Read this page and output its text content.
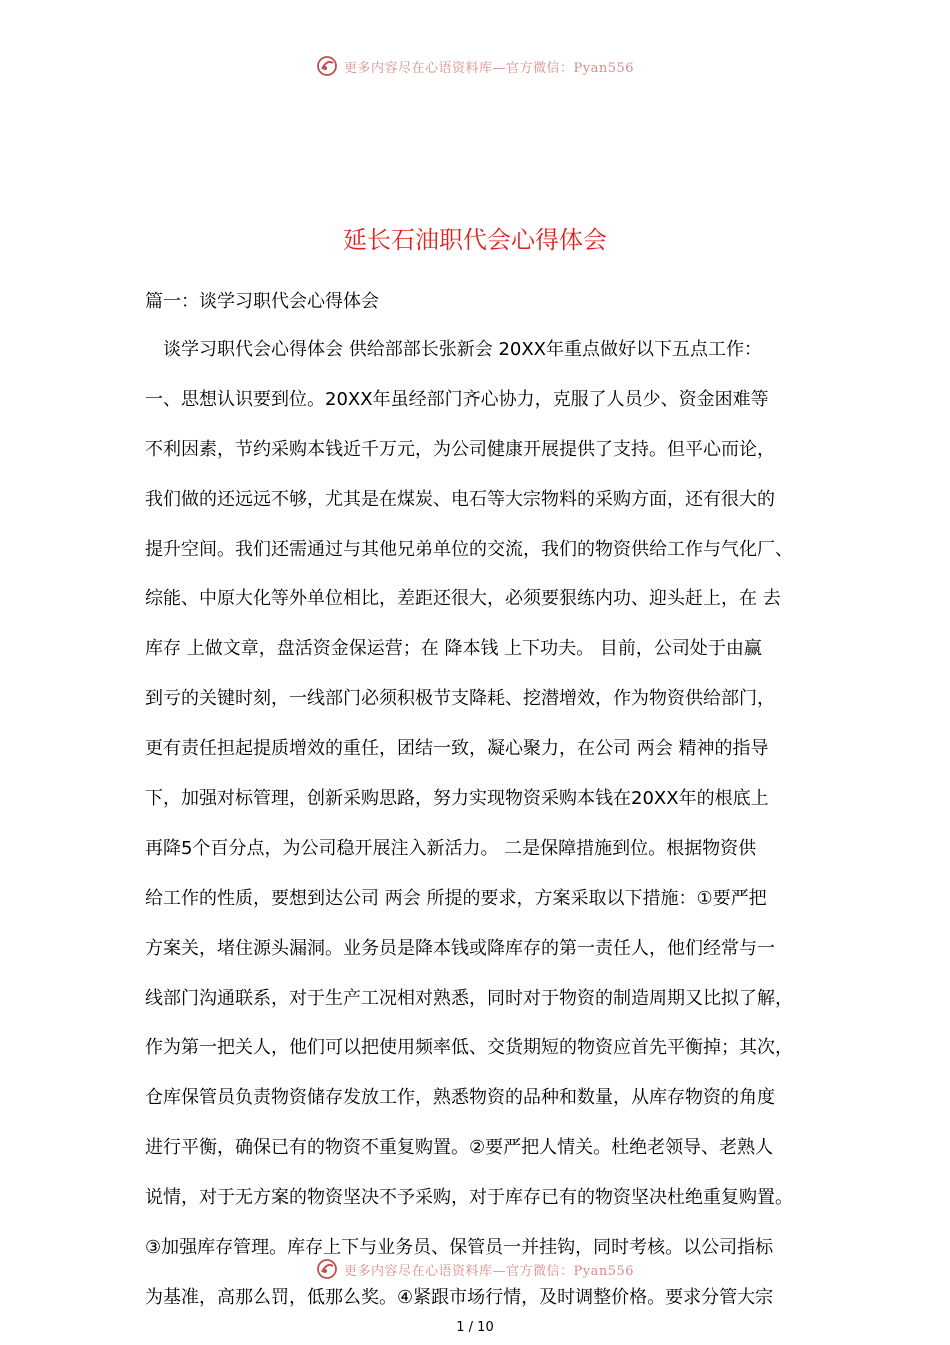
更多内容尽在心语资料库—官方微信：Pyan556
延长石油职代会心得体会

篇一：谈学习职代会心得体会

　谈学习职代会心得体会 供给部部长张新会 20XX年重点做好以下五点工作：
一、思想认识要到位。20XX年虽经部门齐心协力，克服了人员少、资金困难等
不利因素，节约采购本钱近千万元，为公司健康开展提供了支持。但平心而论，
我们做的还远远不够，尤其是在煤炭、电石等大宗物料的采购方面，还有很大的
提升空间。我们还需通过与其他兄弟单位的交流，我们的物资供给工作与气化厂、
综能、中原大化等外单位相比，差距还很大，必须要狠练内功、迎头赶上，在 去
库存 上做文章，盘活资金保运营；在 降本钱 上下功夫。 目前，公司处于由赢
到亏的关键时刻，一线部门必须积极节支降耗、挖潜增效，作为物资供给部门，
更有责任担起提质增效的重任，团结一致，凝心聚力，在公司 两会 精神的指导
下，加强对标管理，创新采购思路，努力实现物资采购本钱在20XX年的根底上
再降5个百分点，为公司稳开展注入新活力。 二是保障措施到位。根据物资供
给工作的性质，要想到达公司 两会 所提的要求，方案采取以下措施：①要严把
方案关，堵住源头漏洞。业务员是降本钱或降库存的第一责任人，他们经常与一
线部门沟通联系，对于生产工况相对熟悉，同时对于物资的制造周期又比拟了解，
作为第一把关人，他们可以把使用频率低、交货期短的物资应首先平衡掉；其次，
仓库保管员负责物资储存发放工作，熟悉物资的品种和数量，从库存物资的角度
进行平衡，确保已有的物资不重复购置。②要严把人情关。杜绝老领导、老熟人
说情，对于无方案的物资坚决不予采购，对于库存已有的物资坚决杜绝重复购置。
③加强库存管理。库存上下与业务员、保管员一并挂钩，同时考核。以公司指标
为基准，高那么罚，低那么奖。④紧跟市场行情，及时调整价格。要求分管大宗
更多内容尽在心语资料库—官方微信：Pyan556
1 / 10
